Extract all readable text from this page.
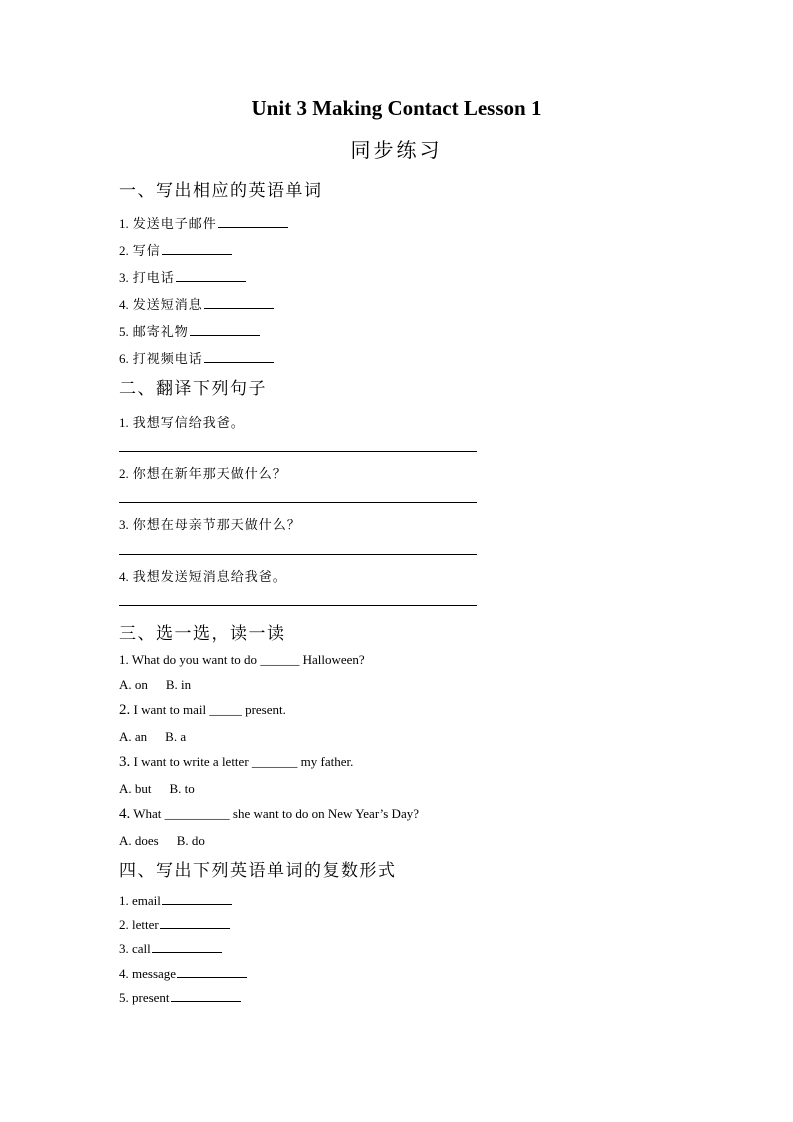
Unit 3 Making Contact Lesson 1
同步练习
一、写出相应的英语单词
1. 发送电子邮件
2. 写信
3. 打电话
4. 发送短消息
5. 邮寄礼物
6. 打视频电话
二、翻译下列句子
1. 我想写信给我爸。
2. 你想在新年那天做什么？
3. 你想在母亲节那天做什么？
4. 我想发送短消息给我爸。
三、选一选，读一读
1. What do you want to do ______ Halloween?
A. on B. in
2. I want to mail _____ present.
A. an B. a
3. I want to write a letter _______ my father.
A. but B. to
4. What __________ she want to do on New Year’s Day?
A. does B. do
四、写出下列英语单词的复数形式
1. email
2. letter
3. call
4. message
5. present
